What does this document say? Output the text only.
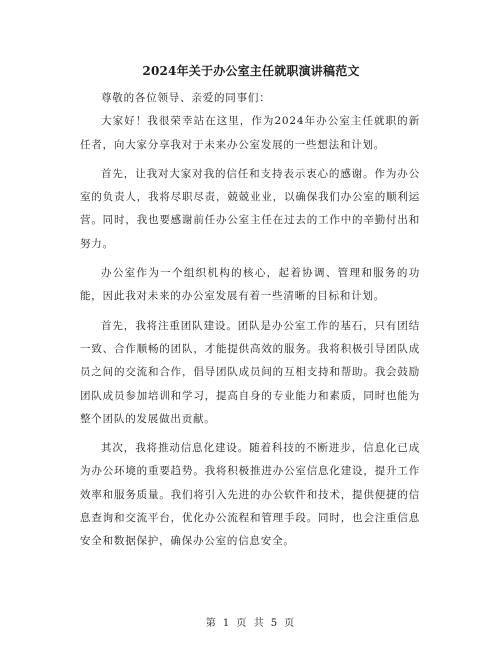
2024年关于办公室主任就职演讲稿范文

尊敬的各位领导、亲爱的同事们：

大家好！我很荣幸站在这里，作为2024年办公室主任就职的新任者，向大家分享我对于未来办公室发展的一些想法和计划。

首先，让我对大家对我的信任和支持表示衷心的感谢。作为办公室的负责人，我将尽职尽责，兢兢业业，以确保我们办公室的顺利运营。同时，我也要感谢前任办公室主任在过去的工作中的辛勤付出和努力。

办公室作为一个组织机构的核心，起着协调、管理和服务的功能，因此我对未来的办公室发展有着一些清晰的目标和计划。

首先，我将注重团队建设。团队是办公室工作的基石，只有团结一致、合作顺畅的团队，才能提供高效的服务。我将积极引导团队成员之间的交流和合作，倡导团队成员间的互相支持和帮助。我会鼓励团队成员参加培训和学习，提高自身的专业能力和素质，同时也能为整个团队的发展做出贡献。

其次，我将推动信息化建设。随着科技的不断进步，信息化已成为办公环境的重要趋势。我将积极推进办公室信息化建设，提升工作效率和服务质量。我们将引入先进的办公软件和技术，提供便捷的信息查询和交流平台，优化办公流程和管理手段。同时，也会注重信息安全和数据保护，确保办公室的信息安全。

第 1 页 共 5 页
